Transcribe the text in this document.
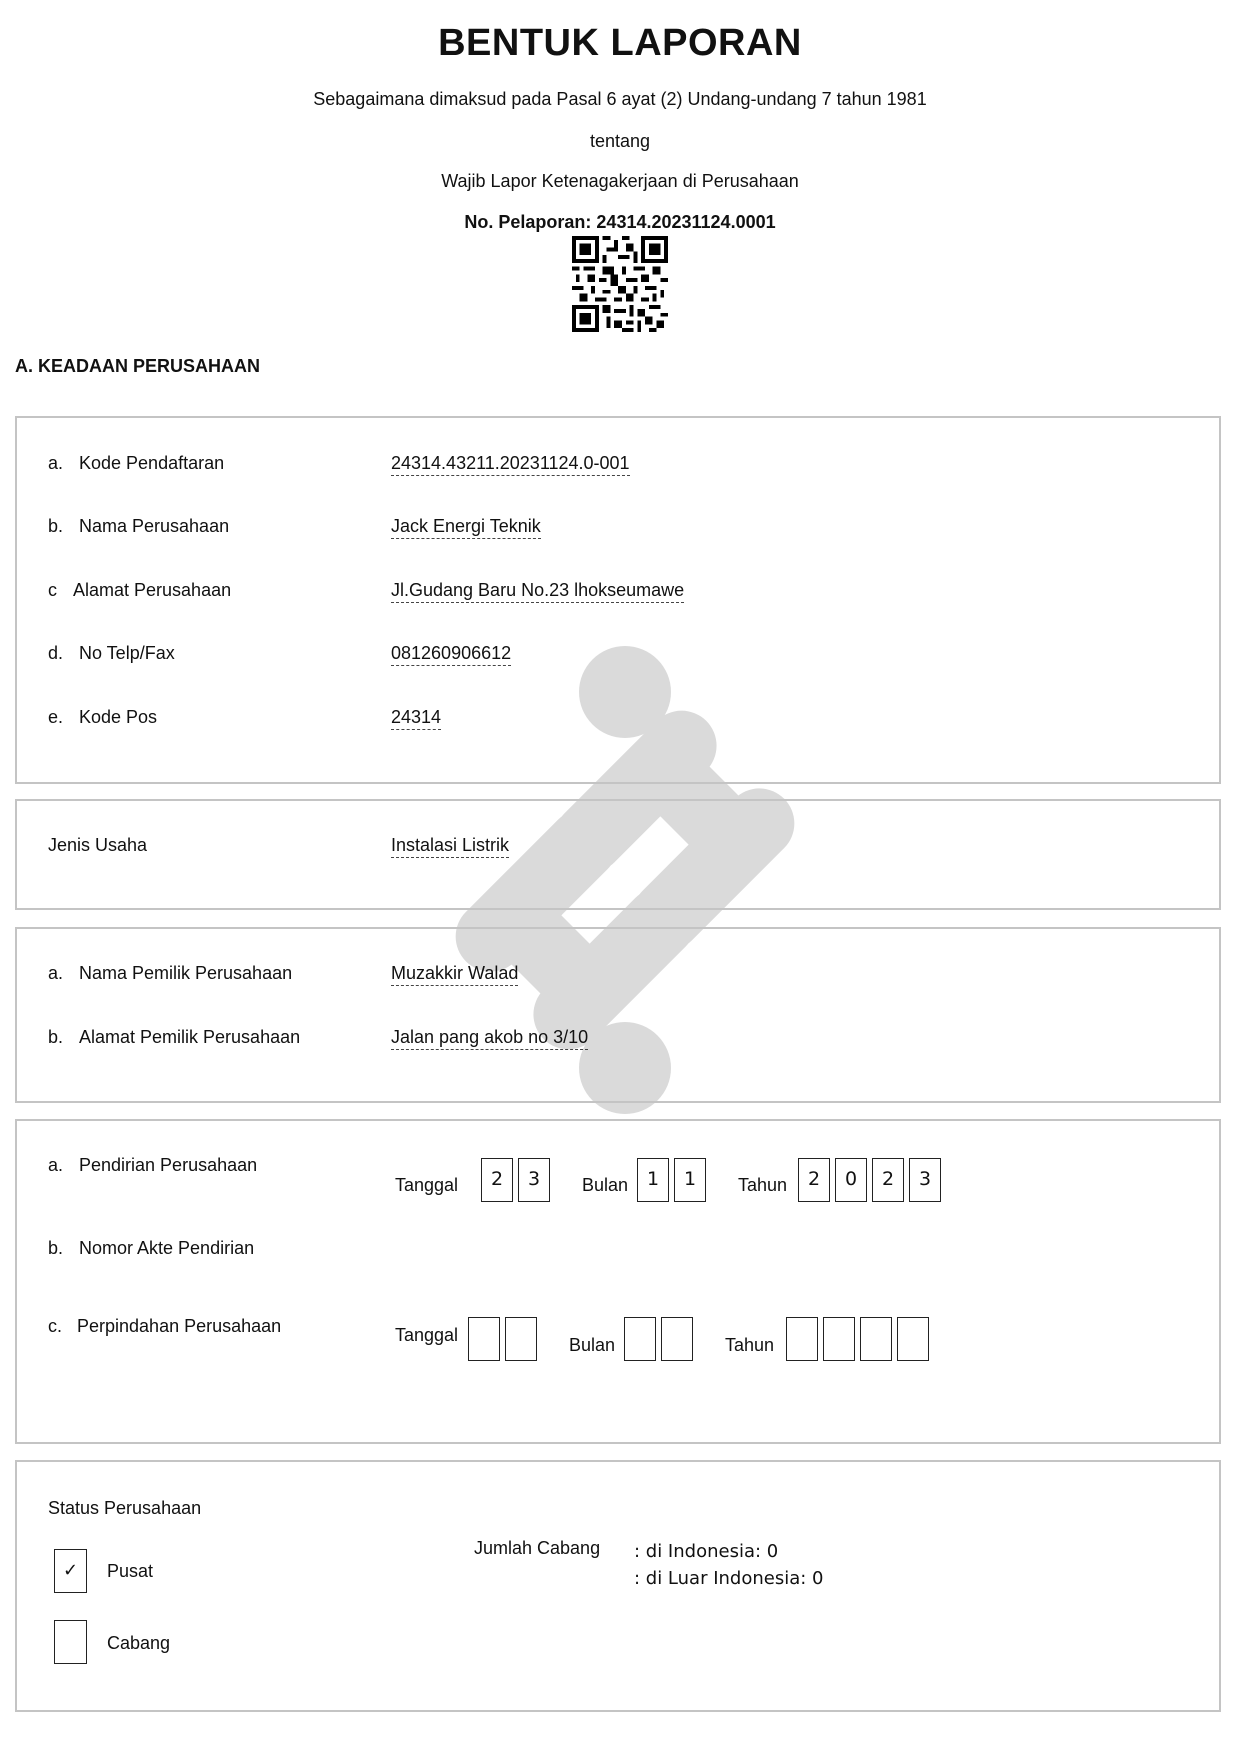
BENTUK LAPORAN
Sebagaimana dimaksud pada Pasal 6 ayat (2) Undang-undang 7 tahun 1981
tentang
Wajib Lapor Ketenagakerjaan di Perusahaan
No. Pelaporan: 24314.20231124.0001
A. KEADAAN PERUSAHAAN
a. Kode Pendaftaran	24314.43211.20231124.0-001
b. Nama Perusahaan	Jack Energi Teknik
c Alamat Perusahaan	Jl.Gudang Baru No.23 lhokseumawe
d. No Telp/Fax	081260906612
e. Kode Pos	24314
Jenis Usaha	Instalasi Listrik
a. Nama Pemilik Perusahaan	Muzakkir Walad
b. Alamat Pemilik Perusahaan	Jalan pang akob no 3/10
a. Pendirian Perusahaan
Tanggal	2	3	Bulan 1	1	Tahun	2	0	2	3
b. Nomor Akte Pendirian
c. Perpindahan Perusahaan	Tanggal	Bulan	Tahun
Status Perusahaan
✓	Pusat
Cabang
Jumlah Cabang : di Indonesia: 0
: di Luar Indonesia: 0
